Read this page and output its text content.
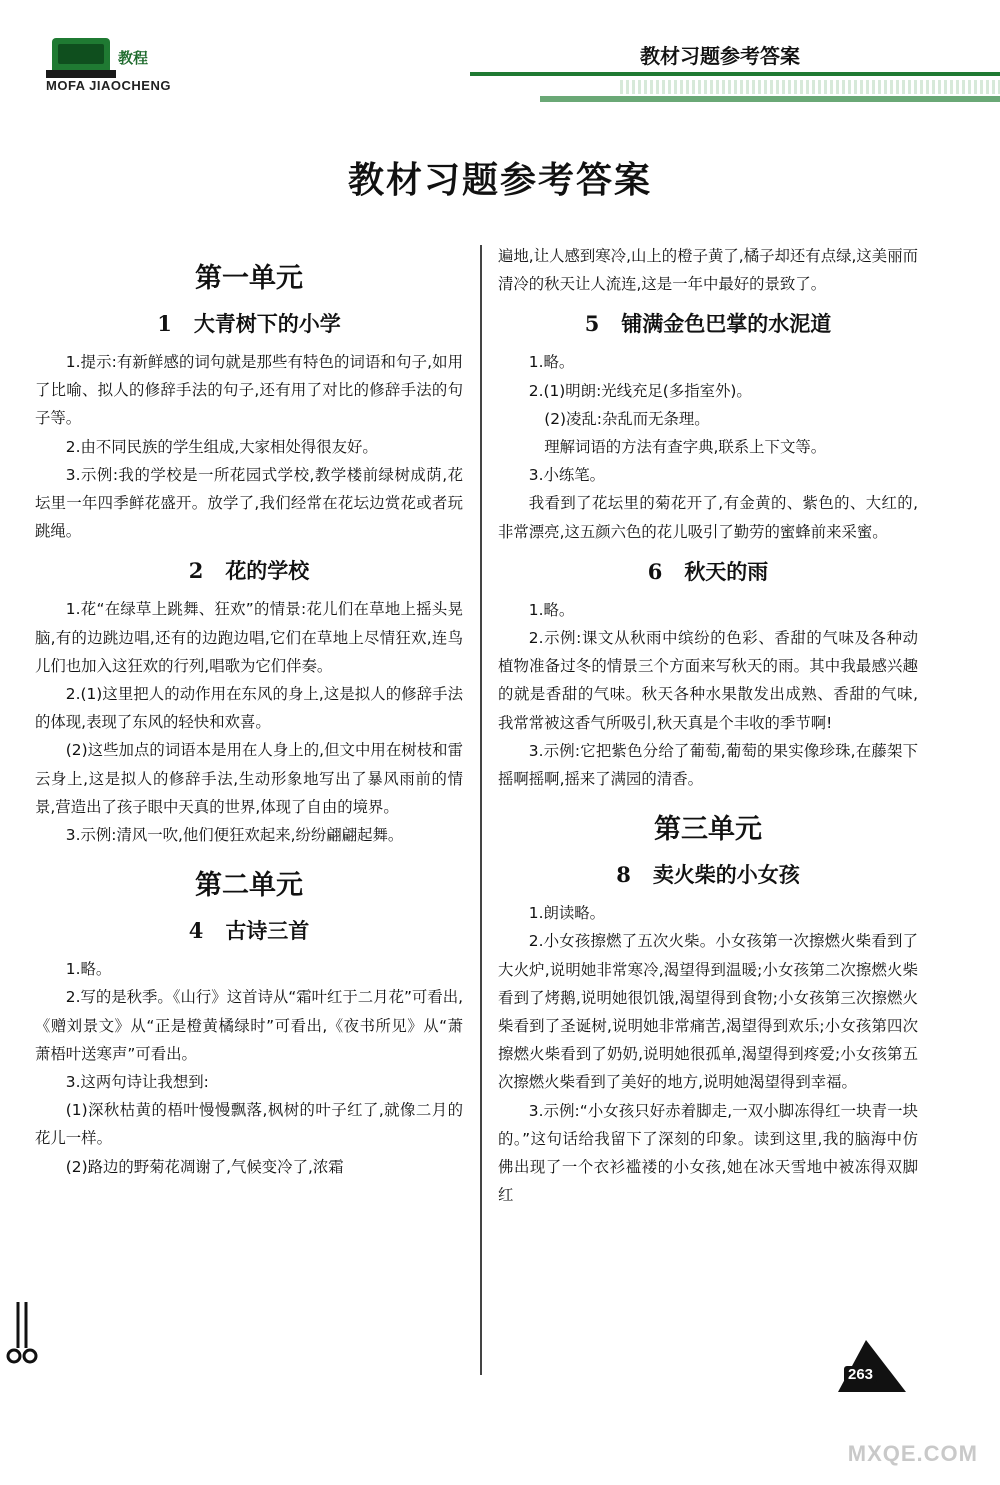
教程
MOFA JIAOCHENG
教材习题参考答案
教材习题参考答案
第一单元
1 大青树下的小学

1.提示:有新鲜感的词句就是那些有特色的词语和句子,如用了比喻、拟人的修辞手法的句子,还有用了对比的修辞手法的句子等。

2.由不同民族的学生组成,大家相处得很友好。

3.示例:我的学校是一所花园式学校,教学楼前绿树成荫,花坛里一年四季鲜花盛开。放学了,我们经常在花坛边赏花或者玩跳绳。

2 花的学校

1.花“在绿草上跳舞、狂欢”的情景:花儿们在草地上摇头晃脑,有的边跳边唱,还有的边跑边唱,它们在草地上尽情狂欢,连鸟儿们也加入这狂欢的行列,唱歌为它们伴奏。

2.(1)这里把人的动作用在东风的身上,这是拟人的修辞手法的体现,表现了东风的轻快和欢喜。

(2)这些加点的词语本是用在人身上的,但文中用在树枝和雷云身上,这是拟人的修辞手法,生动形象地写出了暴风雨前的情景,营造出了孩子眼中天真的世界,体现了自由的境界。

3.示例:清风一吹,他们便狂欢起来,纷纷翩翩起舞。

第二单元
4 古诗三首

1.略。

2.写的是秋季。《山行》这首诗从“霜叶红于二月花”可看出,《赠刘景文》从“正是橙黄橘绿时”可看出,《夜书所见》从“萧萧梧叶送寒声”可看出。

3.这两句诗让我想到:

(1)深秋枯黄的梧叶慢慢飘落,枫树的叶子红了,就像二月的花儿一样。

(2)路边的野菊花凋谢了,气候变冷了,浓霜

遍地,让人感到寒冷,山上的橙子黄了,橘子却还有点绿,这美丽而清冷的秋天让人流连,这是一年中最好的景致了。

5 铺满金色巴掌的水泥道

1.略。

2.(1)明朗:光线充足(多指室外)。

(2)凌乱:杂乱而无条理。

理解词语的方法有查字典,联系上下文等。

3.小练笔。

我看到了花坛里的菊花开了,有金黄的、紫色的、大红的,非常漂亮,这五颜六色的花儿吸引了勤劳的蜜蜂前来采蜜。

6 秋天的雨

1.略。

2.示例:课文从秋雨中缤纷的色彩、香甜的气味及各种动植物准备过冬的情景三个方面来写秋天的雨。其中我最感兴趣的就是香甜的气味。秋天各种水果散发出成熟、香甜的气味,我常常被这香气所吸引,秋天真是个丰收的季节啊!

3.示例:它把紫色分给了葡萄,葡萄的果实像珍珠,在藤架下摇啊摇啊,摇来了满园的清香。

第三单元
8 卖火柴的小女孩

1.朗读略。

2.小女孩擦燃了五次火柴。小女孩第一次擦燃火柴看到了大火炉,说明她非常寒冷,渴望得到温暖;小女孩第二次擦燃火柴看到了烤鹅,说明她很饥饿,渴望得到食物;小女孩第三次擦燃火柴看到了圣诞树,说明她非常痛苦,渴望得到欢乐;小女孩第四次擦燃火柴看到了奶奶,说明她很孤单,渴望得到疼爱;小女孩第五次擦燃火柴看到了美好的地方,说明她渴望得到幸福。

3.示例:“小女孩只好赤着脚走,一双小脚冻得红一块青一块的。”这句话给我留下了深刻的印象。读到这里,我的脑海中仿佛出现了一个衣衫褴褛的小女孩,她在冰天雪地中被冻得双脚红

263
MXQE.COM
